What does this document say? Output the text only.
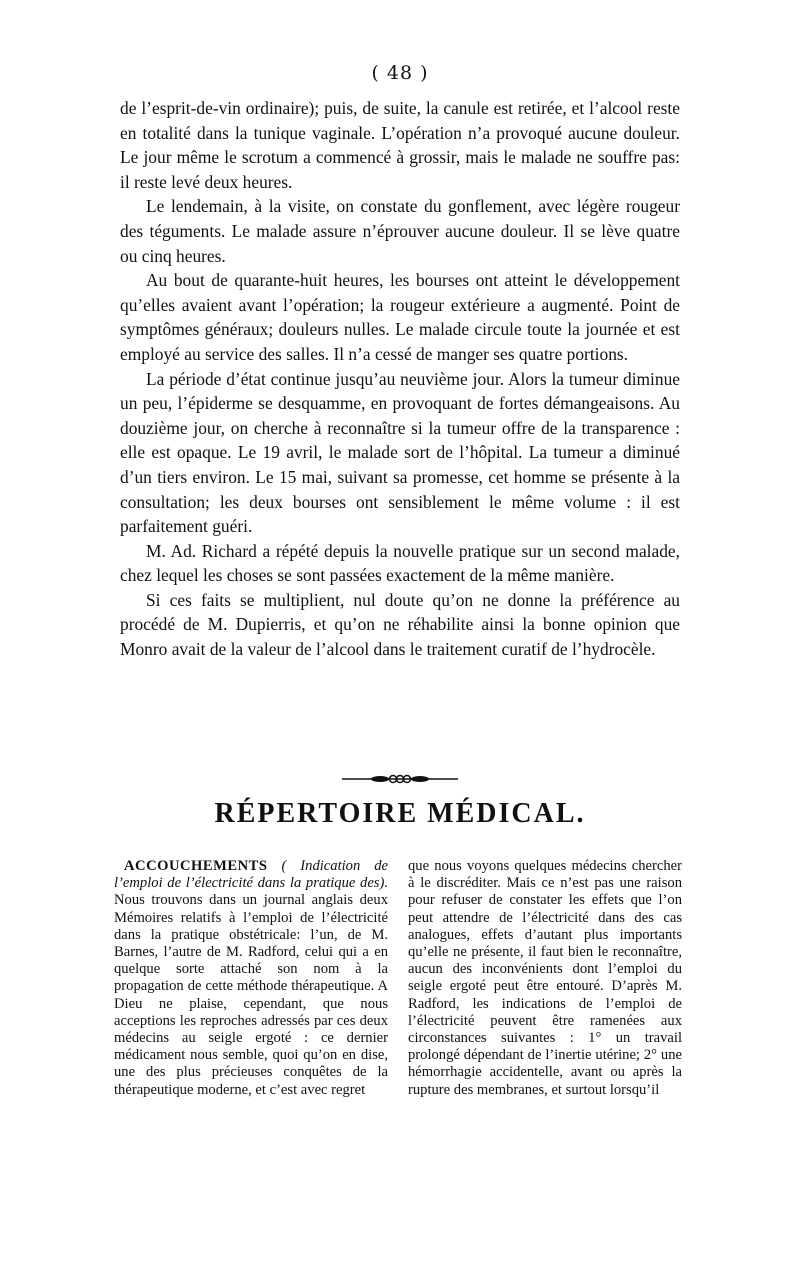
( 48 )

de l’esprit-de-vin ordinaire); puis, de suite, la canule est retirée, et l’alcool reste en totalité dans la tunique vaginale. L’opération n’a provoqué aucune douleur. Le jour même le scrotum a commencé à grossir, mais le malade ne souffre pas: il reste levé deux heures.

Le lendemain, à la visite, on constate du gonflement, avec légère rougeur des téguments. Le malade assure n’éprouver aucune douleur. Il se lève quatre ou cinq heures.

Au bout de quarante-huit heures, les bourses ont atteint le développement qu’elles avaient avant l’opération; la rougeur extérieure a augmenté. Point de symptômes généraux; douleurs nulles. Le malade circule toute la journée et est employé au service des salles. Il n’a cessé de manger ses quatre portions.

La période d’état continue jusqu’au neuvième jour. Alors la tumeur diminue un peu, l’épiderme se desquamme, en provoquant de fortes démangeaisons. Au douzième jour, on cherche à reconnaître si la tumeur offre de la transparence : elle est opaque. Le 19 avril, le malade sort de l’hôpital. La tumeur a diminué d’un tiers environ. Le 15 mai, suivant sa promesse, cet homme se présente à la consultation; les deux bourses ont sensiblement le même volume : il est parfaitement guéri.

M. Ad. Richard a répété depuis la nouvelle pratique sur un second malade, chez lequel les choses se sont passées exactement de la même manière.

Si ces faits se multiplient, nul doute qu’on ne donne la préférence au procédé de M. Dupierris, et qu’on ne réhabilite ainsi la bonne opinion que Monro avait de la valeur de l’alcool dans le traitement curatif de l’hydrocèle.

RÉPERTOIRE MÉDICAL.

ACCOUCHEMENTS ( Indication de l’emploi de l’électricité dans la pratique des). Nous trouvons dans un journal anglais deux Mémoires relatifs à l’emploi de l’électricité dans la pratique obstétricale: l’un, de M. Barnes, l’autre de M. Radford, celui qui a en quelque sorte attaché son nom à la propagation de cette méthode thérapeutique. A Dieu ne plaise, cependant, que nous acceptions les reproches adressés par ces deux médecins au seigle ergoté : ce dernier médicament nous semble, quoi qu’on en dise, une des plus précieuses conquêtes de la thérapeutique moderne, et c’est avec regret

que nous voyons quelques médecins chercher à le discréditer. Mais ce n’est pas une raison pour refuser de constater les effets que l’on peut attendre de l’électricité dans des cas analogues, effets d’autant plus importants qu’elle ne présente, il faut bien le reconnaître, aucun des inconvénients dont l’emploi du seigle ergoté peut être entouré. D’après M. Radford, les indications de l’emploi de l’électricité peuvent être ramenées aux circonstances suivantes : 1° un travail prolongé dépendant de l’inertie utérine; 2° une hémorrhagie accidentelle, avant ou après la rupture des membranes, et surtout lorsqu’il
